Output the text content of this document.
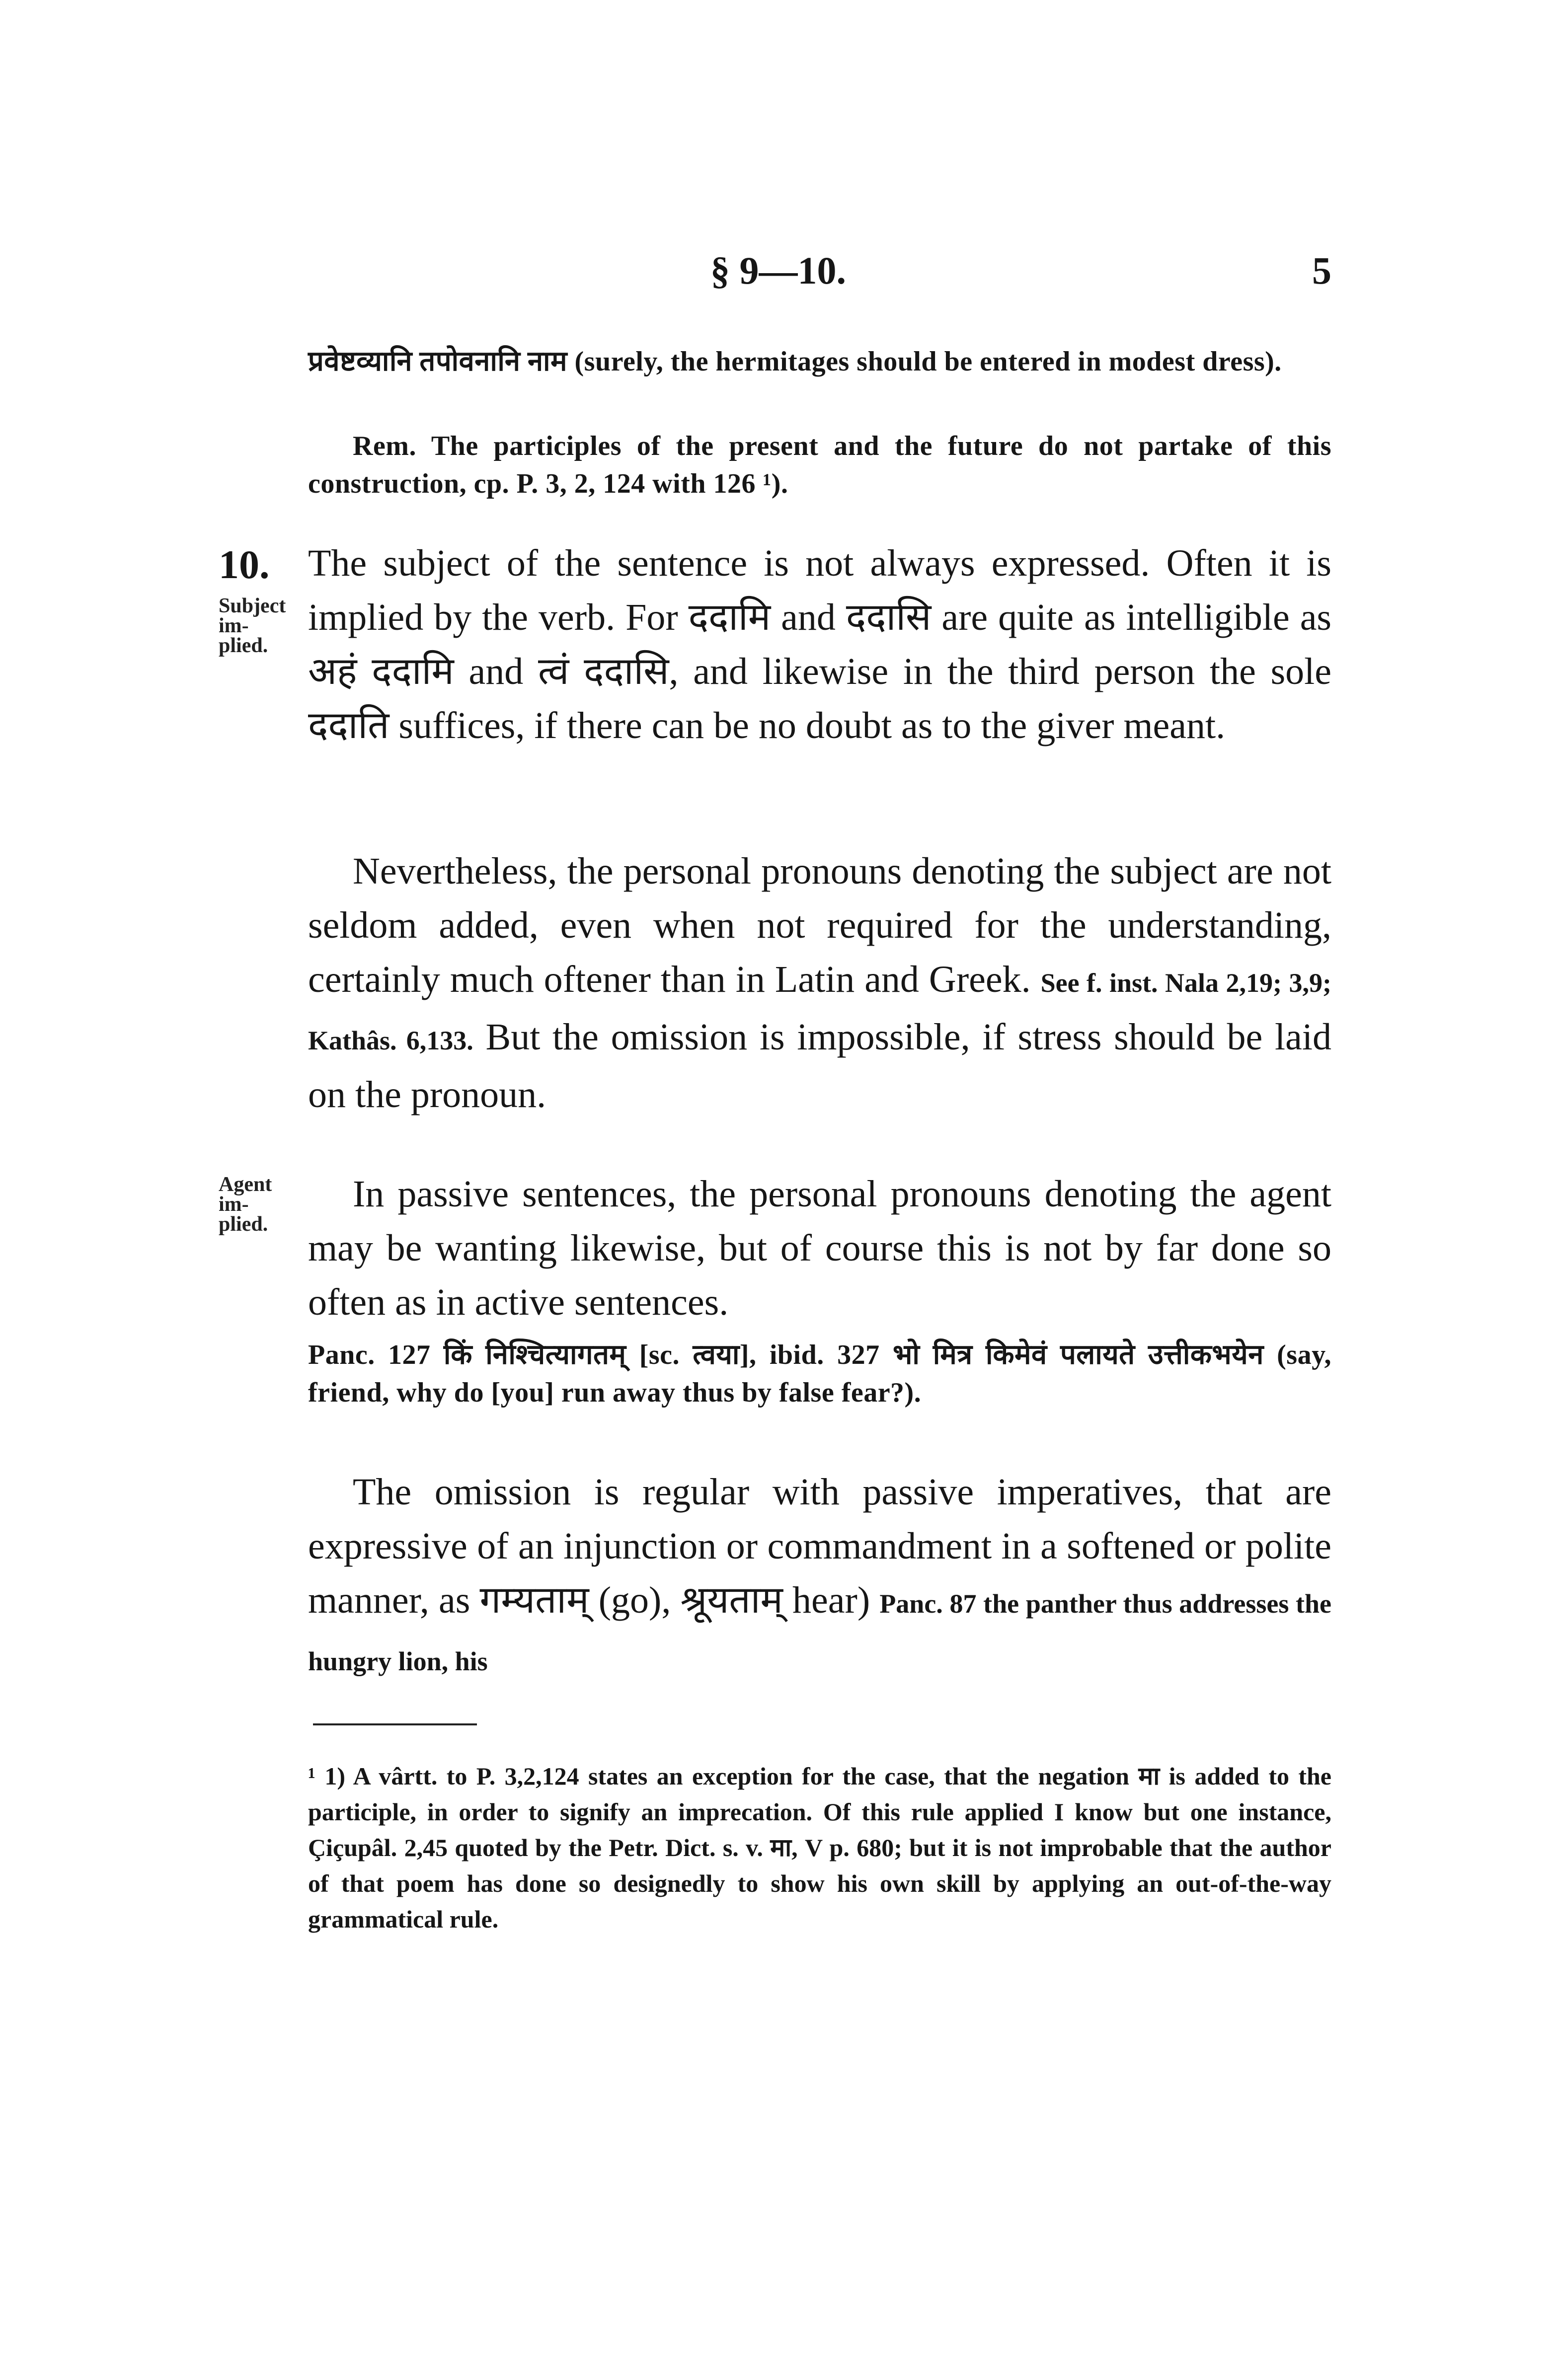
§ 9—10.	5
प्रवेष्टव्यानि तपोवनानि नाम (surely, the hermitages should be entered in modest dress).
Rem. The participles of the present and the future do not partake of this construction, cp. P. 3, 2, 124 with 126 ¹).
10.
Subject im-plied.
The subject of the sentence is not always expressed. Often it is implied by the verb. For ददामि and ददासि are quite as intelligible as अहं ददामि and त्वं ददासि, and likewise in the third person the sole ददाति suffices, if there can be no doubt as to the giver meant.
Nevertheless, the personal pronouns denoting the subject are not seldom added, even when not required for the understanding, certainly much oftener than in Latin and Greek. See f. inst. Nala 2,19; 3,9; Kathâs. 6,133. But the omission is impossible, if stress should be laid on the pronoun.
Agent im-plied.
In passive sentences, the personal pronouns denoting the agent may be wanting likewise, but of course this is not by far done so often as in active sentences.
Panc. 127 किं निश्चित्यागतम् [sc. त्वया], ibid. 327 भो मित्र किमेवं पलायते उत्तीकभयेन (say, friend, why do [you] run away thus by false fear?).
The omission is regular with passive imperatives, that are expressive of an injunction or commandment in a softened or polite manner, as गम्यताम् (go), श्रूयताम् hear) Panc. 87 the panther thus addresses the hungry lion, his
¹ 1) A vârtt. to P. 3,2,124 states an exception for the case, that the negation मा is added to the participle, in order to signify an imprecation. Of this rule applied I know but one instance, Çiçupâl. 2,45 quoted by the Petr. Dict. s. v. मा, V p. 680; but it is not improbable that the author of that poem has done so designedly to show his own skill by applying an out-of-the-way grammatical rule.
